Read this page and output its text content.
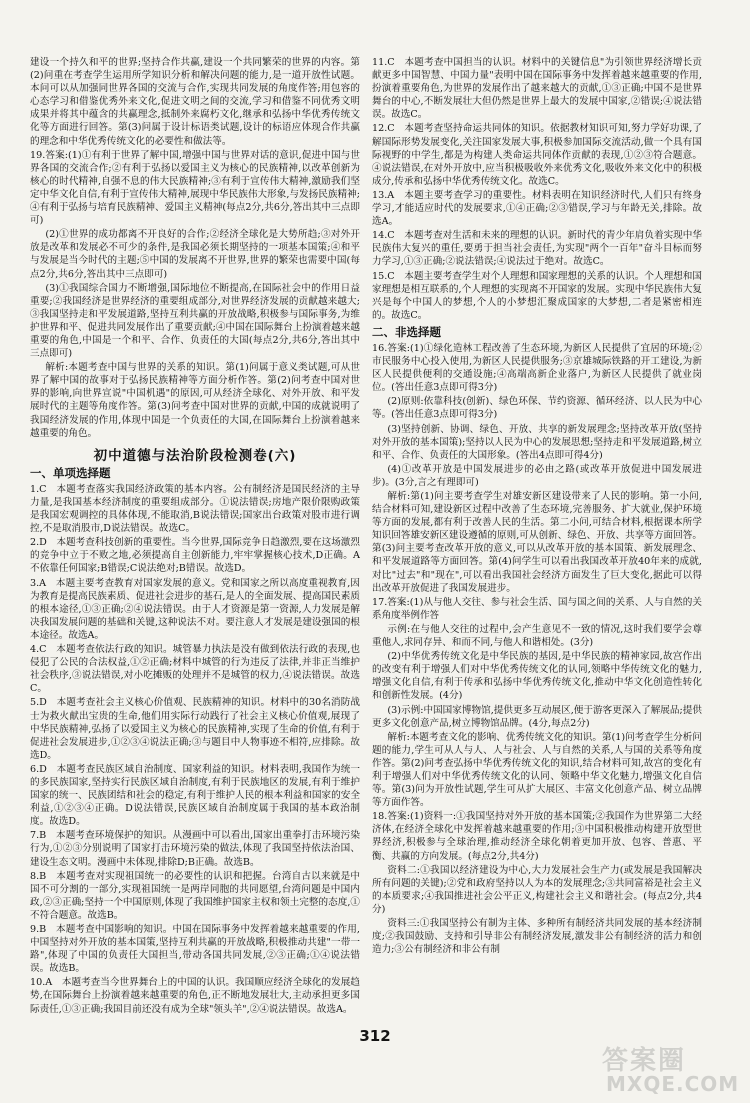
建设一个持久和平的世界;坚持合作共赢,建设一个共同繁荣的世界的内容。第(2)问重在考查学生运用所学知识分析和解决问题的能力,是一道开放性试题。本问可以从加强同世界各国的交流与合作,实现共同发展的角度作答;用包容的心态学习和借鉴优秀外来文化,促进文明之间的交流,学习和借鉴不同优秀文明成果并将其中蕴含的共赢理念,抵制外来腐朽文化,继承和弘扬中华优秀传统文化等方面进行回答。第(3)问属于设计标语类试题,设计的标语应体现合作共赢的理念和中华优秀传统文化的必要性和做法等。

19.答案:(1)①有利于世界了解中国,增强中国与世界对话的意识,促进中国与世界各国的交流合作;②有利于弘扬以爱国主义为核心的民族精神,以改革创新为核心的时代精神,自强不息的伟大民族精神;③有利于宣传伟大精神,激励我们坚定中华文化自信,有利于宣传伟大精神,展现中华民族伟大形象,与发扬民族精神;④有利于弘扬与培育民族精神、爱国主义精神(每点2分,共6分,答出其中三点即可)

(2)①世界的成功都离不开良好的合作;②经济全球化是大势所趋;③对外开放是改革和发展必不可少的条件,是我国必须长期坚持的一项基本国策;④和平与发展是当今时代的主题;⑤中国的发展离不开世界,世界的繁荣也需要中国(每点2分,共6分,答出其中三点即可)

(3)①我国综合国力不断增强,国际地位不断提高,在国际社会中的作用日益重要;②我国经济是世界经济的重要组成部分,对世界经济发展的贡献越来越大;③我国坚持走和平发展道路,坚持互利共赢的开放战略,积极参与国际事务,为维护世界和平、促进共同发展作出了重要贡献;④中国在国际舞台上扮演着越来越重要的角色,中国是一个和平、合作、负责任的大国(每点2分,共6分,答出其中三点即可)

解析:本题考查中国与世界的关系的知识。第(1)问属于意义类试题,可从世界了解中国的故事对于弘扬民族精神等方面分析作答。第(2)问考查中国对世界的影响,向世界宣说"中国机遇"的原因,可从经济全球化、对外开放、和平发展时代的主题等角度作答。第(3)问考查中国对世界的贡献,中国的成就说明了我国经济发展的作用,体现中国是一个负责任的大国,在国际舞台上扮演着越来越重要的角色。

初中道德与法治阶段检测卷(六)
一、单项选择题

1.C　本题考查落实我国经济政策的基本内容。公有制经济是国民经济的主导力量,是我国基本经济制度的重要组成部分。①说法错误;房地产限价限购政策是我国宏观调控的具体体现,不能取消,B说法错误;国家出台政策对股市进行调控,不是取消股市,D说法错误。故选C。

2.D　本题考查科技创新的重要性。当今世界,国际竞争日趋激烈,要在这场激烈的竞争中立于不败之地,必须提高自主创新能力,牢牢掌握核心技术,D正确。A不依靠任何国家;B错误;C说法绝对;B错误。故选D。

3.A　本题主要考查教育对国家发展的意义。党和国家之所以高度重视教育,因为教育是提高民族素质、促进社会进步的基石,是人的全面发展、提高国民素质的根本途径,①③正确;②④说法错误。由于人才资源是第一资源,人力发展是解决我国发展问题的基础和关键,这种说法不对。要注意人才发展是建设强国的根本途径。故选A。

4.C　本题考查依法行政的知识。城管暴力执法是没有做到依法行政的表现,也侵犯了公民的合法权益,①②正确;材料中城管的行为违反了法律,并非正当维护社会秩序,③说法错误,对小吃摊贩的处理并不是城管的权力,④说法错误。故选C。

5.D　本题考查社会主义核心价值观、民族精神的知识。材料中的30名消防战士为救火献出宝贵的生命,他们用实际行动践行了社会主义核心价值观,展现了中华民族精神,弘扬了以爱国主义为核心的民族精神,实现了生命的价值,有利于促进社会发展进步,①②③④说法正确;③与题目中人物事迹不相符,应排除。故选D。

6.D　本题考查民族区域自治制度、国家利益的知识。材料表明,我国作为统一的多民族国家,坚持实行民族区域自治制度,有利于民族地区的发展,有利于维护国家的统一、民族团结和社会的稳定,有利于维护人民的根本利益和国家的安全利益,①②③④正确。D说法错误,民族区域自治制度属于我国的基本政治制度。故选D。

7.B　本题考查环境保护的知识。从漫画中可以看出,国家出重拳打击环境污染行为,①②③分别说明了国家打击环境污染的做法,体现了我国坚持依法治国、建设生态文明。漫画中未体现,排除D;B正确。故选B。

8.B　本题考查对实现祖国统一的必要性的认识和把握。台湾自古以来就是中国不可分割的一部分,实现祖国统一是两岸同胞的共同愿望,台湾问题是中国内政,②③正确;坚持一个中国原则,体现了我国维护国家主权和领土完整的态度,①不符合题意。故选B。

9.B　本题考查中国影响的知识。中国在国际事务中发挥着越来越重要的作用,中国坚持对外开放的基本国策,坚持互利共赢的开放战略,积极推动共建"一带一路",体现了中国的负责任大国担当,带动各国共同发展,②③正确;①④说法错误。故选B。

10.A　本题考查当今世界舞台上的中国的认识。我国顺应经济全球化的发展趋势,在国际舞台上扮演着越来越重要的角色,正不断地发展壮大,主动承担更多国际责任,①③正确;我国目前还没有成为全球"领头羊",②④说法错误。故选A。

11.C　本题考查中国担当的认识。材料中的关键信息"为引领世界经济增长贡献更多中国智慧、中国力量"表明中国在国际事务中发挥着越来越重要的作用,扮演着重要角色,为世界的发展作出了越来越大的贡献,①③正确;中国不是世界舞台的中心,不断发展壮大但仍然是世界上最大的发展中国家,②错误;④说法错误。故选C。

12.C　本题考查坚持命运共同体的知识。依据教材知识可知,努力学好功课,了解国际形势发展变化,关注国家发展大事,积极参加国际交流活动,做一个具有国际视野的中学生,都是为构建人类命运共同体作贡献的表现,①②③符合题意。④说法错误,在对外开放中,应当积极吸收外来优秀文化,吸收外来文化中的积极成分,传承和弘扬中华优秀传统文化。故选C。

13.A　本题主要考查学习的重要性。材料表明在知识经济时代,人们只有终身学习,才能适应时代的发展要求,①④正确;②③错误,学习与年龄无关,排除。故选A。

14.C　本题考查对生活和未来的理想的认识。新时代的青少年肩负着实现中华民族伟大复兴的重任,要勇于担当社会责任,为实现"两个一百年"奋斗目标而努力学习,①③正确;②说法错误;④说法过于绝对。故选C。

15.C　本题主要考查学生对个人理想和国家理想的关系的认识。个人理想和国家理想是相互联系的,个人理想的实现离不开国家的发展。实现中华民族伟大复兴是每个中国人的梦想,个人的小梦想汇聚成国家的大梦想,二者是紧密相连的。故选C。

二、非选择题

16.答案:(1)①绿化造林工程改善了生态环境,为新区人民提供了宜居的环境;②市民服务中心投入使用,为新区人民提供服务;③京雄城际铁路的开工建设,为新区人民提供便利的交通设施;④高端高新企业落户,为新区人民提供了就业岗位。(答出任意3点即可得3分)

(2)原则:依靠科技(创新)、绿色环保、节约资源、循环经济、以人民为中心等。(答出任意3点即可得3分)

(3)坚持创新、协调、绿色、开放、共享的新发展理念;坚持改革开放(坚持对外开放的基本国策);坚持以人民为中心的发展思想;坚持走和平发展道路,树立和平、合作、负责任的大国形象。(答出4点即可得4分)

(4)①改革开放是中国发展进步的必由之路(或改革开放促进中国发展进步)。(3分,言之有理即可)

解析:第(1)问主要考查学生对雄安新区建设带来了人民的影响。第一小问,结合材料可知,建设新区过程中改善了生态环境,完善服务、扩大就业,保护环境等方面的发展,都有利于改善人民的生活。第二小问,可结合材料,根据课本所学知识回答雄安新区建设遵循的原则,可从创新、绿色、开放、共享等方面回答。第(3)问主要考查改革开放的意义,可以从改革开放的基本国策、新发展理念、和平发展道路等方面回答。第(4)问学生可以看出我国改革开放40年来的成就,对比"过去"和"现在",可以看出我国社会经济方面发生了巨大变化,据此可以得出改革开放促进了我国发展进步。

17.答案:(1)从与他人交往、参与社会生活、国与国之间的关系、人与自然的关系角度举例作答

示例:在与他人交往的过程中,会产生意见不一致的情况,这时我们要学会尊重他人,求同存异、和而不同,与他人和谐相处。(3分)

(2)中华优秀传统文化是中华民族的基因,是中华民族的精神家园,故宫作出的改变有利于增强人们对中华优秀传统文化的认同,领略中华传统文化的魅力,增强文化自信,有利于传承和弘扬中华优秀传统文化,推动中华文化创造性转化和创新性发展。(4分)

(3)示例:中国国家博物馆,提供更多互动展区,便于游客更深入了解展品;提供更多文化创意产品,树立博物馆品牌。(4分,每点2分)

解析:本题考查文化的影响、优秀传统文化的知识。第(1)问考查学生分析问题的能力,学生可从人与人、人与社会、人与自然的关系,人与国的关系等角度作答。第(2)问考查弘扬中华优秀传统文化的知识,结合材料可知,故宫的变化有利于增强人们对中华优秀传统文化的认同、领略中华文化魅力,增强文化自信等。第(3)问为开放性试题,学生可从扩大展区、丰富文化创意产品、树立品牌等方面作答。

18.答案:(1)资料一:①我国坚持对外开放的基本国策;②我国作为世界第二大经济体,在经济全球化中发挥着越来越重要的作用;③中国积极推动构建开放型世界经济,积极参与全球治理,推动经济全球化朝着更加开放、包容、普惠、平衡、共赢的方向发展。(每点2分,共4分)

资料二:①我国以经济建设为中心,大力发展社会生产力(或发展是我国解决所有问题的关键);②党和政府坚持以人为本的发展理念;③共同富裕是社会主义的本质要求;④我国推进社会公平正义,构建社会主义和谐社会。(每点2分,共4分)

资料三:①我国坚持公有制为主体、多种所有制经济共同发展的基本经济制度;②我国鼓励、支持和引导非公有制经济发展,激发非公有制经济的活力和创造力;③公有制经济和非公有制

312
答案圈
MXQE.COM
